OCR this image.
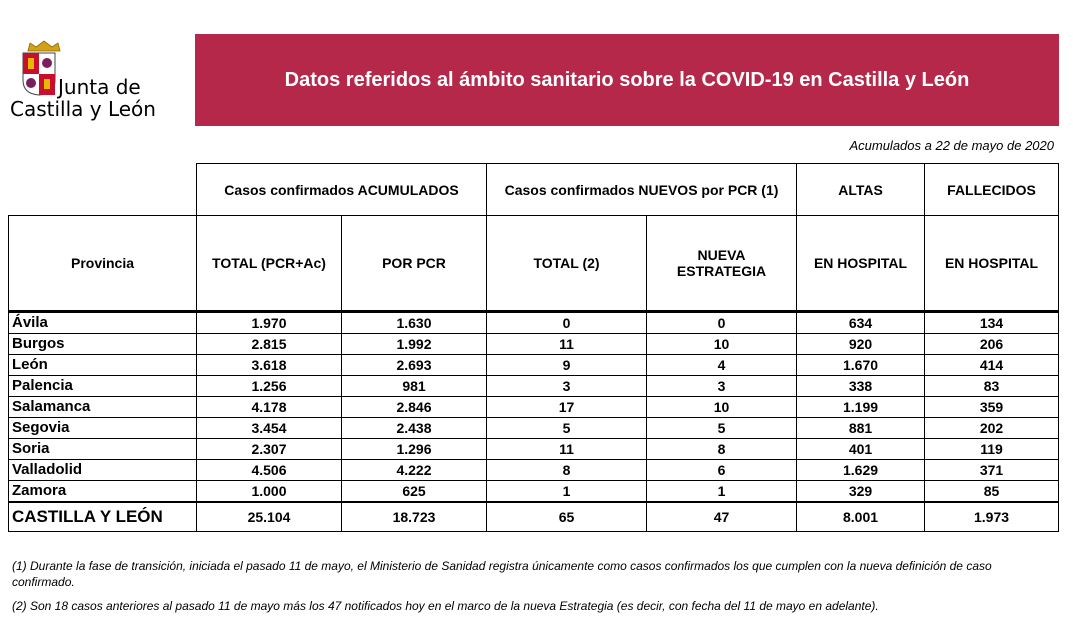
Junta de
Castilla y León
Datos referidos al ámbito sanitario sobre la COVID-19 en Castilla y León
Acumulados a 22 de mayo de 2020
	Casos confirmados ACUMULADOS		Casos confirmados NUEVOS por PCR (1)		ALTAS	FALLECIDOS
Provincia	TOTAL (PCR+Ac)	POR PCR	TOTAL (2)	NUEVA ESTRATEGIA	EN HOSPITAL	EN HOSPITAL
Ávila	1.970	1.630	0	0	634	134
Burgos	2.815	1.992	11	10	920	206
León	3.618	2.693	9	4	1.670	414
Palencia	1.256	981	3	3	338	83
Salamanca	4.178	2.846	17	10	1.199	359
Segovia	3.454	2.438	5	5	881	202
Soria	2.307	1.296	11	8	401	119
Valladolid	4.506	4.222	8	6	1.629	371
Zamora	1.000	625	1	1	329	85
CASTILLA Y LEÓN	25.104	18.723	65	47	8.001	1.973
(1) Durante la fase de transición, iniciada el pasado 11 de mayo, el Ministerio de Sanidad registra únicamente como casos confirmados los que cumplen con la nueva definición de caso confirmado.
(2) Son 18 casos anteriores al pasado 11 de mayo más los 47 notificados hoy en el marco de la nueva Estrategia (es decir, con fecha del 11 de mayo en adelante).
